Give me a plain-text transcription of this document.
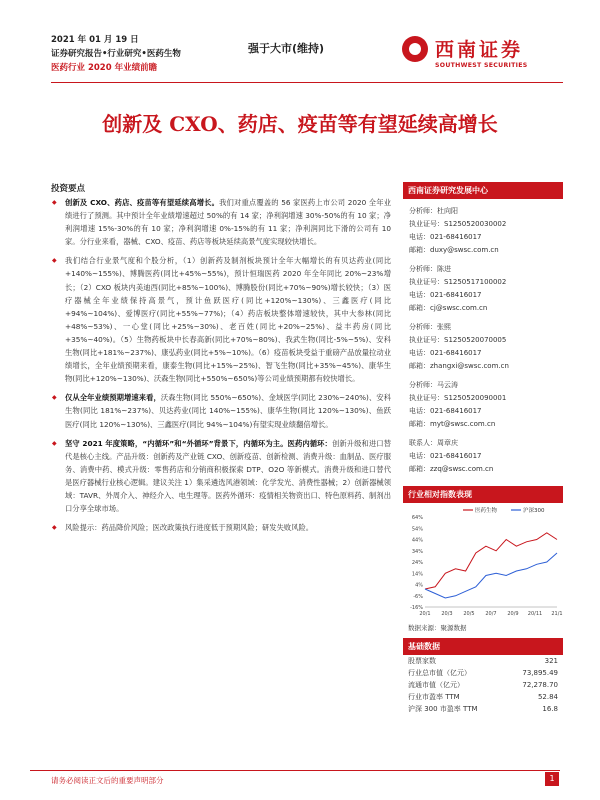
2021 年 01 月 19 日
证券研究报告•行业研究•医药生物
医药行业 2020 年业绩前瞻
强于大市(维持)	西南证券
SOUTHWEST SECURITIES
创新及 CXO、药店、疫苗等有望延续高增长
投资要点
◆ 创新及 CXO、药店、疫苗等有望延续高增长。我们对重点覆盖的 56 家医药上市公司 2020 全年业绩进行了预测。其中预计全年业绩增速超过 50%的有 14 家；净利润增速 30%-50%的有 10 家；净利润增速 15%-30%的有 10 家；净利润增速 0%-15%的有 11 家；净利润同比下滑的公司有 10 家。分行业来看，器械、CXO、疫苗、药店等板块延续高景气度实现较快增长。
◆ 我们结合行业景气度和个股分析，（1）创新药及制剂板块预计全年大幅增长的有贝达药业(同比+140%~155%)、博腾医药(同比+45%~55%)，预计恒瑞医药 2020 年全年同比 20%~23%增长；（2）CXO 板块内美迪西(同比+85%~100%)、博腾股份(同比+70%~90%)增长较快；（3）医疗器械全年业绩保持高景气，预计鱼跃医疗(同比+120%~130%)、三鑫医疗(同比+94%~104%)、爱博医疗(同比+55%~77%)；（4）药店板块整体增速较快，其中大参林(同比+48%~53%)、一心堂(同比+25%~30%)、老百姓(同比+20%~25%)、益丰药房(同比+35%~40%)。（5）生物药板块中长春高新(同比+70%~80%)、我武生物(同比-5%~5%)、安科生物(同比+181%~237%)、康弘药业(同比+5%~10%)。（6）疫苗板块受益于重磅产品放量拉动业绩增长，全年业绩预期来看，康泰生物(同比+15%~25%)、智飞生物(同比+35%~45%)、康华生物(同比+120%~130%)、沃森生物(同比+550%~650%)等公司业绩预期都有较快增长。
◆ 仅从全年业绩预期增速来看，沃森生物(同比 550%~650%)、金域医学(同比 230%~240%)、安科生物(同比 181%~237%)、贝达药业(同比 140%~155%)、康华生物(同比 120%~130%)、鱼跃医疗(同比 120%~130%)、三鑫医疗(同比 94%~104%)有望实现业绩翻倍增长。
◆ 坚守 2021 年度策略，“内循环”和“外循环”背景下，内循环为主。医药内循环：创新升级和进口替代是核心主线。产品升级：创新药及产业链 CXO、创新疫苗、创新检测、消费升级：血制品、医疗服务、消费中药、模式升级：零售药店和分销商积极探索 DTP、O2O 等新模式。消费升级和进口替代是医疗器械行业核心逻辑。建议关注 1）集采遴选风港领域：化学发光、消费性器械；2）创新器械领域：TAVR、外周介入、神经介入、电生理等。医药外循环：疫情相关物资出口、特色原料药、制剂出口分享全球市场。
◆ 风险提示：药品降价风险；医改政策执行进度低于预期风险；研发失败风险。
西南证券研究发展中心
分析师：杜向阳
执业证号：S1250520030002
电话：021-68416017
邮箱：duxy@swsc.com.cn
分析师：陈进
执业证号：S1250517100002
电话：021-68416017
邮箱：cj@swsc.com.cn
分析师：张熙
执业证号：S1250520070005
电话：021-68416017
邮箱：zhangxi@swsc.com.cn
分析师：马云涛
执业证号：S1250520090001
电话：021-68416017
邮箱：myt@swsc.com.cn
联系人：周章庆
电话：021-68416017
邮箱：zzq@swsc.com.cn
行业相对指数表现
64%
54%
44%
34%
24%
14%
4%
-6%
-16%
20/1 20/3 20/5 20/7 20/9 20/11 21/1
医药生物	沪深300
数据来源：聚源数据
基础数据
股票家数	321
行业总市值（亿元）	73,895.49
流通市值（亿元）	72,278.70
行业市盈率 TTM	52.84
沪深 300 市盈率 TTM	16.8
请务必阅读正文后的重要声明部分	1
